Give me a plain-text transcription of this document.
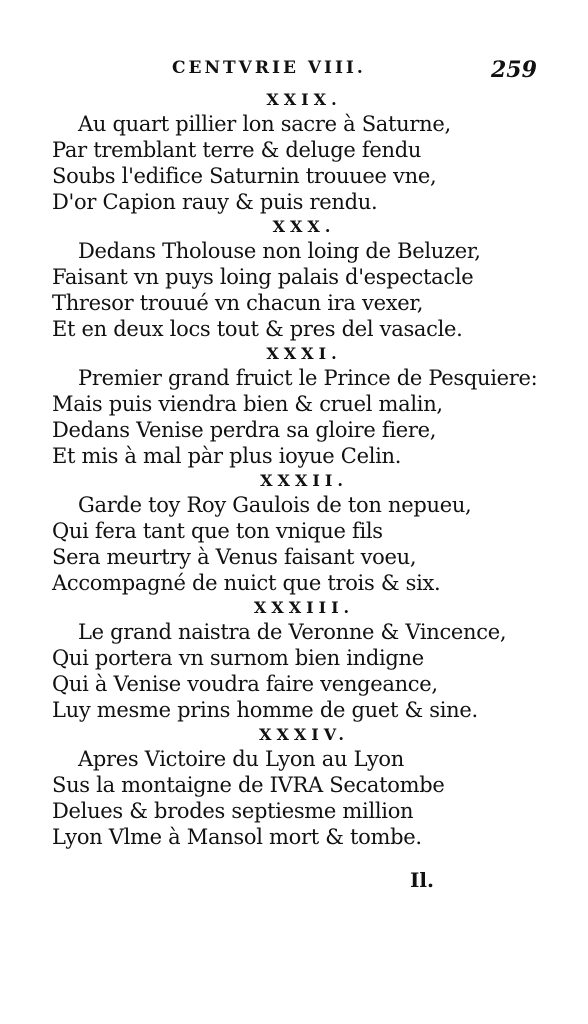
CENTVRIE VIII.	259
XXIX.
Au quart pillier lon sacre à Saturne,
Par tremblant terre & deluge fendu
Soubs l'edifice Saturnin trouuee vne,
D'or Capion rauy & puis rendu.
XXX.
Dedans Tholouse non loing de Beluzer,
Faisant vn puys loing palais d'espectacle
Thresor trouué vn chacun ira vexer,
Et en deux locs tout & pres del vasacle.
XXXI.
Premier grand fruict le Prince de Pesquiere:
Mais puis viendra bien & cruel malin,
Dedans Venise perdra sa gloire fiere,
Et mis à mal pàr plus ioyue Celin.
XXXII.
Garde toy Roy Gaulois de ton nepueu,
Qui fera tant que ton vnique fils
Sera meurtry à Venus faisant voeu,
Accompagné de nuict que trois & six.
XXXIII.
Le grand naistra de Veronne & Vincence,
Qui portera vn surnom bien indigne
Qui à Venise voudra faire vengeance,
Luy mesme prins homme de guet & sine.
XXXIV.
Apres Victoire du Lyon au Lyon
Sus la montaigne de IVRA Secatombe
Delues & brodes septiesme million
Lyon Vlme à Mansol mort & tombe.
Il.
